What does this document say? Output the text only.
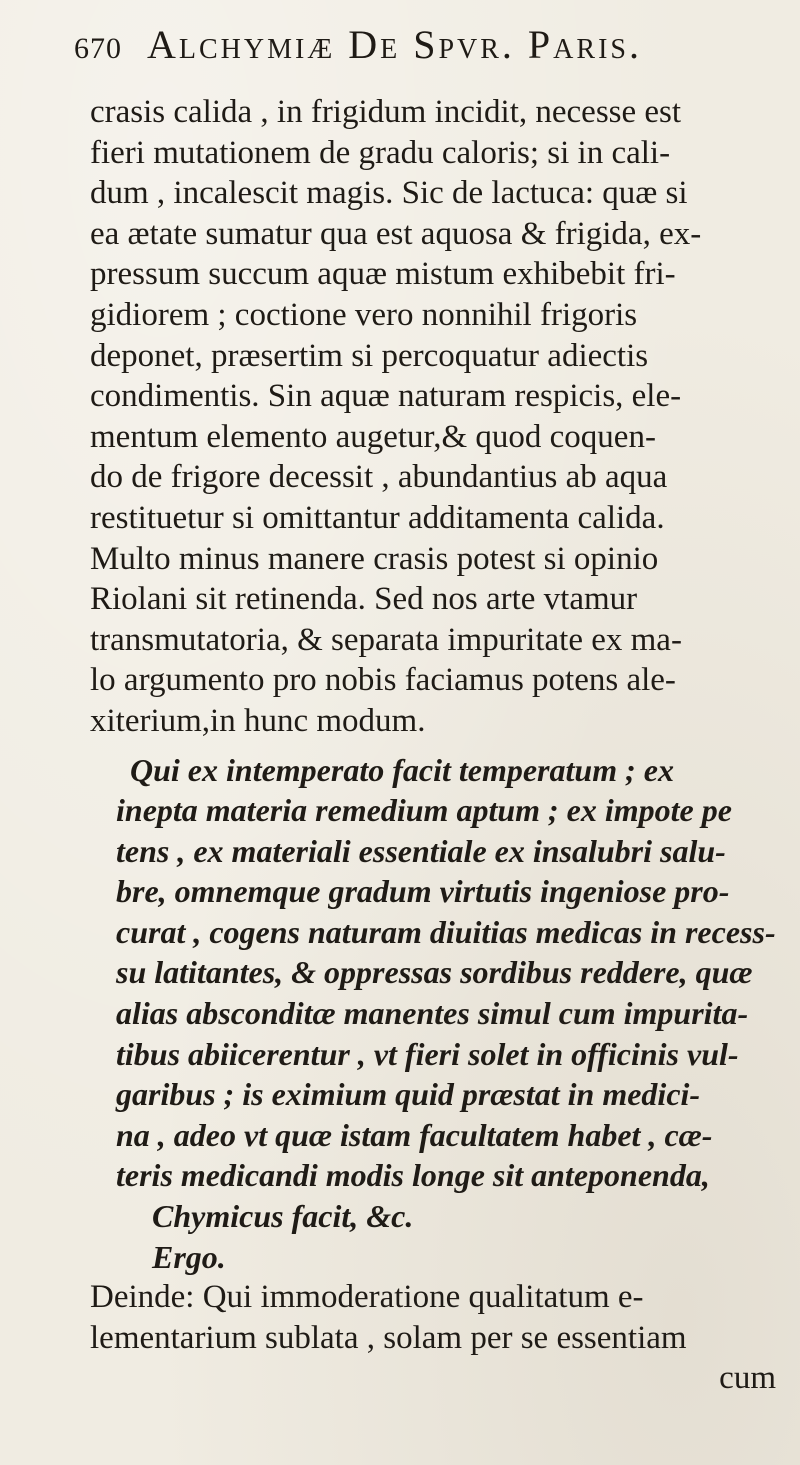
670 Alchymiæ De Spvr. Paris.
crasis calida , in frigidum incidit, necesse est
fieri mutationem de gradu caloris; si in cali-
dum , incalescit magis. Sic de lactuca: quæ si
ea ætate sumatur qua est aquosa & frigida, ex-
pressum succum aquæ mistum exhibebit fri-
gidiorem ; coctione vero nonnihil frigoris
deponet, præsertim si percoquatur adiectis
condimentis. Sin aquæ naturam respicis, ele-
mentum elemento augetur,& quod coquen-
do de frigore decessit , abundantius ab aqua
restituetur si omittantur additamenta calida.
Multo minus manere crasis potest si opinio
Riolani sit retinenda. Sed nos arte vtamur
transmutatoria, & separata impuritate ex ma-
lo argumento pro nobis faciamus potens ale-
xiterium,in hunc modum.
Qui ex intemperato facit temperatum ; ex
inepta materia remedium aptum ; ex impote pe
tens , ex materiali essentiale ex insalubri salu-
bre, omnemque gradum virtutis ingeniose pro-
curat , cogens naturam diuitias medicas in recess-
su latitantes, & oppressas sordibus reddere, quæ
alias absconditæ manentes simul cum impurita-
tibus abiicerentur , vt fieri solet in officinis vul-
garibus ; is eximium quid præstat in medici-
na , adeo vt quæ istam facultatem habet , cæ-
teris medicandi modis longe sit anteponenda,
Chymicus facit, &c.
Ergo.
Deinde: Qui immoderatione qualitatum e-
lementarium sublata , solam per se essentiam
cum
